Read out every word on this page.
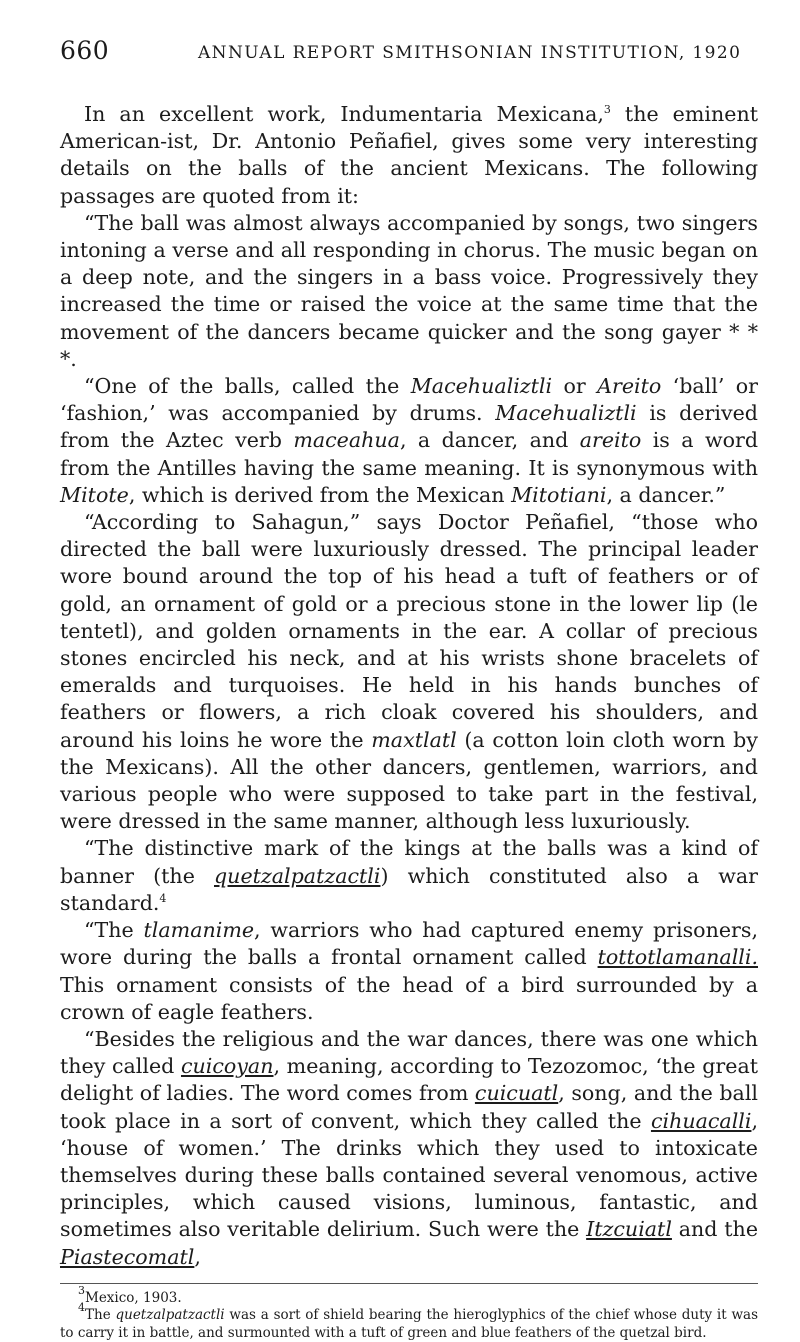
660	ANNUAL REPORT SMITHSONIAN INSTITUTION, 1920

In an excellent work, Indumentaria Mexicana,$^3$ the eminent American-ist, Dr. Antonio Peñafiel, gives some very interesting details on the balls of the ancient Mexicans. The following passages are quoted from it:

“The ball was almost always accompanied by songs, two singers intoning a verse and all responding in chorus. The music began on a deep note, and the singers in a bass voice. Progressively they increased the time or raised the voice at the same time that the movement of the dancers became quicker and the song gayer * * *.

“One of the balls, called the Macehualiztli or Areito ‘ball’ or ‘fashion,’ was accompanied by drums. Macehualiztli is derived from the Aztec verb maceahua, a dancer, and areito is a word from the Antilles having the same meaning. It is synonymous with Mitote, which is derived from the Mexican Mitotiani, a dancer.”

“According to Sahagun,” says Doctor Peñafiel, “those who directed the ball were luxuriously dressed. The principal leader wore bound around the top of his head a tuft of feathers or of gold, an ornament of gold or a precious stone in the lower lip (le tentetl), and golden ornaments in the ear. A collar of precious stones encircled his neck, and at his wrists shone bracelets of emeralds and turquoises. He held in his hands bunches of feathers or flowers, a rich cloak covered his shoulders, and around his loins he wore the maxtlatl (a cotton loin cloth worn by the Mexicans). All the other dancers, gentlemen, warriors, and various people who were supposed to take part in the festival, were dressed in the same manner, although less luxuriously.

“The distinctive mark of the kings at the balls was a kind of banner (the quetzalpatzactli) which constituted also a war standard.$^4$

“The tlamanime, warriors who had captured enemy prisoners, wore during the balls a frontal ornament called tottotlamanalli. This ornament consists of the head of a bird surrounded by a crown of eagle feathers.

“Besides the religious and the war dances, there was one which they called cuicoyan, meaning, according to Tezozomoc, ‘the great delight of ladies. The word comes from cuicuatl, song, and the ball took place in a sort of convent, which they called the cihuacalli, ‘house of women.’ The drinks which they used to intoxicate themselves during these balls contained several venomous, active principles, which caused visions, luminous, fantastic, and sometimes also veritable delirium. Such were the Itzcuiatl and the Piastecomatl,

$^3$Mexico, 1903.

$^4$The quetzalpatzactli was a sort of shield bearing the hieroglyphics of the chief whose duty it was to carry it in battle, and surmounted with a tuft of green and blue feathers of the quetzal bird.
